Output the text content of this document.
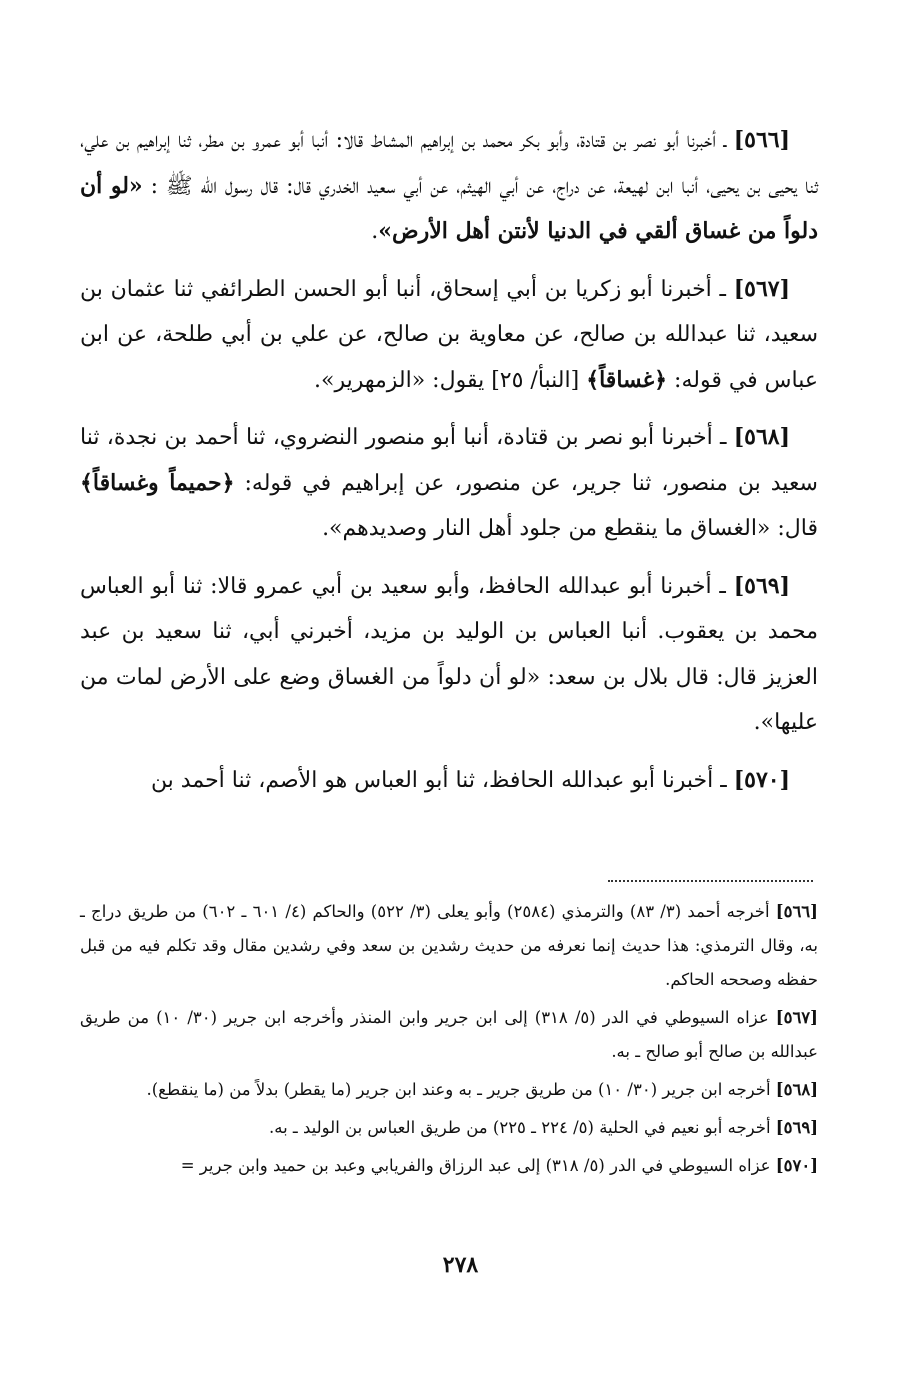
[٥٦٦] ـ أخبرنا أبو نصر بن قتادة، وأبو بكر محمد بن إبراهيم المشاط قالا: أنبا أبو عمرو بن مطر، ثنا إبراهيم بن علي، ثنا يحيى بن يحيى، أنبا ابن لهيعة، عن دراج، عن أبي الهيثم، عن أبي سعيد الخدري قال: قال رسول الله ﷺ : «لو أن دلواً من غساق ألقي في الدنيا لأنتن أهل الأرض».

[٥٦٧] ـ أخبرنا أبو زكريا بن أبي إسحاق، أنبا أبو الحسن الطرائفي ثنا عثمان بن سعيد، ثنا عبدالله بن صالح، عن معاوية بن صالح، عن علي بن أبي طلحة، عن ابن عباس في قوله: ﴿غساقاً﴾ [النبأ/ ٢٥] يقول: «الزمهرير».

[٥٦٨] ـ أخبرنا أبو نصر بن قتادة، أنبا أبو منصور النضروي، ثنا أحمد بن نجدة، ثنا سعيد بن منصور، ثنا جرير، عن منصور، عن إبراهيم في قوله: ﴿حميماً وغساقاً﴾ قال: «الغساق ما ينقطع من جلود أهل النار وصديدهم».

[٥٦٩] ـ أخبرنا أبو عبدالله الحافظ، وأبو سعيد بن أبي عمرو قالا: ثنا أبو العباس محمد بن يعقوب. أنبا العباس بن الوليد بن مزيد، أخبرني أبي، ثنا سعيد بن عبد العزيز قال: قال بلال بن سعد: «لو أن دلواً من الغساق وضع على الأرض لمات من عليها».

[٥٧٠] ـ أخبرنا أبو عبدالله الحافظ، ثنا أبو العباس هو الأصم، ثنا أحمد بن

[٥٦٦] أخرجه أحمد (٣/ ٨٣) والترمذي (٢٥٨٤) وأبو يعلى (٣/ ٥٢٢) والحاكم (٤/ ٦٠١ ـ ٦٠٢) من طريق دراج ـ به، وقال الترمذي: هذا حديث إنما نعرفه من حديث رشدين بن سعد وفي رشدين مقال وقد تكلم فيه من قبل حفظه وصححه الحاكم.

[٥٦٧] عزاه السيوطي في الدر (٥/ ٣١٨) إلى ابن جرير وابن المنذر وأخرجه ابن جرير (٣٠/ ١٠) من طريق عبدالله بن صالح أبو صالح ـ به.

[٥٦٨] أخرجه ابن جرير (٣٠/ ١٠) من طريق جرير ـ به وعند ابن جرير (ما يقطر) بدلاً من (ما ينقطع).

[٥٦٩] أخرجه أبو نعيم في الحلية (٥/ ٢٢٤ ـ ٢٢٥) من طريق العباس بن الوليد ـ به.

[٥٧٠] عزاه السيوطي في الدر (٥/ ٣١٨) إلى عبد الرزاق والفريابي وعبد بن حميد وابن جرير =

٢٧٨
